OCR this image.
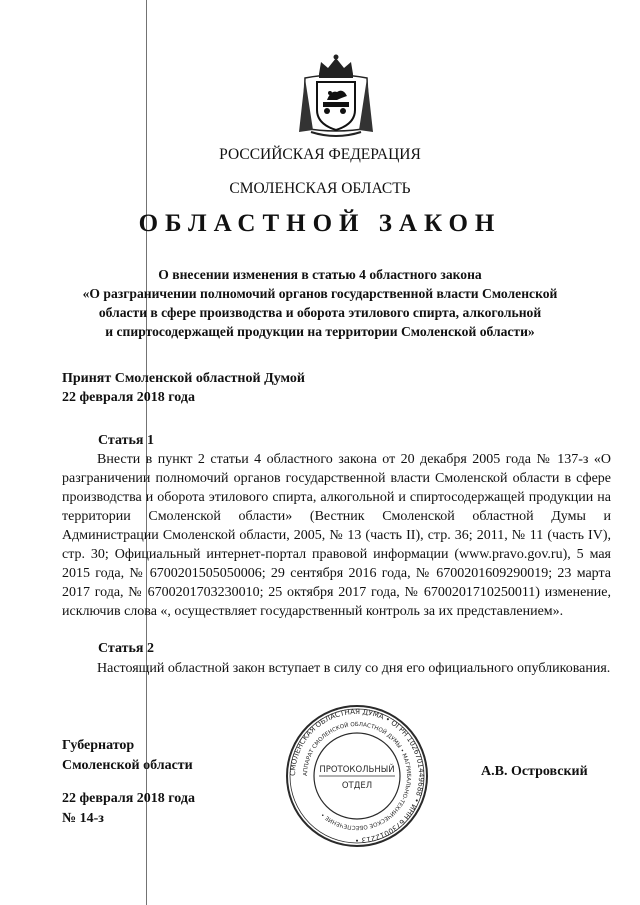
РОССИЙСКАЯ ФЕДЕРАЦИЯ
СМОЛЕНСКАЯ ОБЛАСТЬ
ОБЛАСТНОЙ ЗАКОН
О внесении изменения в статью 4 областного закона
«О разграничении полномочий органов государственной власти Смоленской
области в сфере производства и оборота этилового спирта, алкогольной
и спиртосодержащей продукции на территории Смоленской области»
Принят Смоленской областной Думой
22 февраля 2018 года
Статья 1
Внести в пункт 2 статьи 4 областного закона от 20 декабря 2005 года № 137-з «О разграничении полномочий органов государственной власти Смоленской области в сфере производства и оборота этилового спирта, алкогольной и спиртосодержащей продукции на территории Смоленской области» (Вестник Смоленской областной Думы и Администрации Смоленской области, 2005, № 13 (часть II), стр. 36; 2011, № 11 (часть IV), стр. 30; Официальный интернет-портал правовой информации (www.pravo.gov.ru), 5 мая 2015 года, № 6700201505050006; 29 сентября 2016 года, № 6700201609290019; 23 марта 2017 года, № 6700201703230010; 25 октября 2017 года, № 6700201710250011) изменение, исключив слова «, осуществляет государственный контроль за их представлением».
Статья 2
Настоящий областной закон вступает в силу со дня его официального опубликования.
Губернатор
Смоленской области
22 февраля 2018 года
№ 14-з
А.В. Островский
СМОЛЕНСКАЯ ОБЛАСТНАЯ ДУМА • ОГРН 1026701449688 • ИНН 6730012213 •
АППАРАТ СМОЛЕНСКОЙ ОБЛАСТНОЙ ДУМЫ • МАГРИБАЛЬНО-ТЕХНИЧЕСКОЕ ОБЕСПЕЧЕНИЕ •
ПРОТОКОЛЬНЫЙ
ОТДЕЛ
